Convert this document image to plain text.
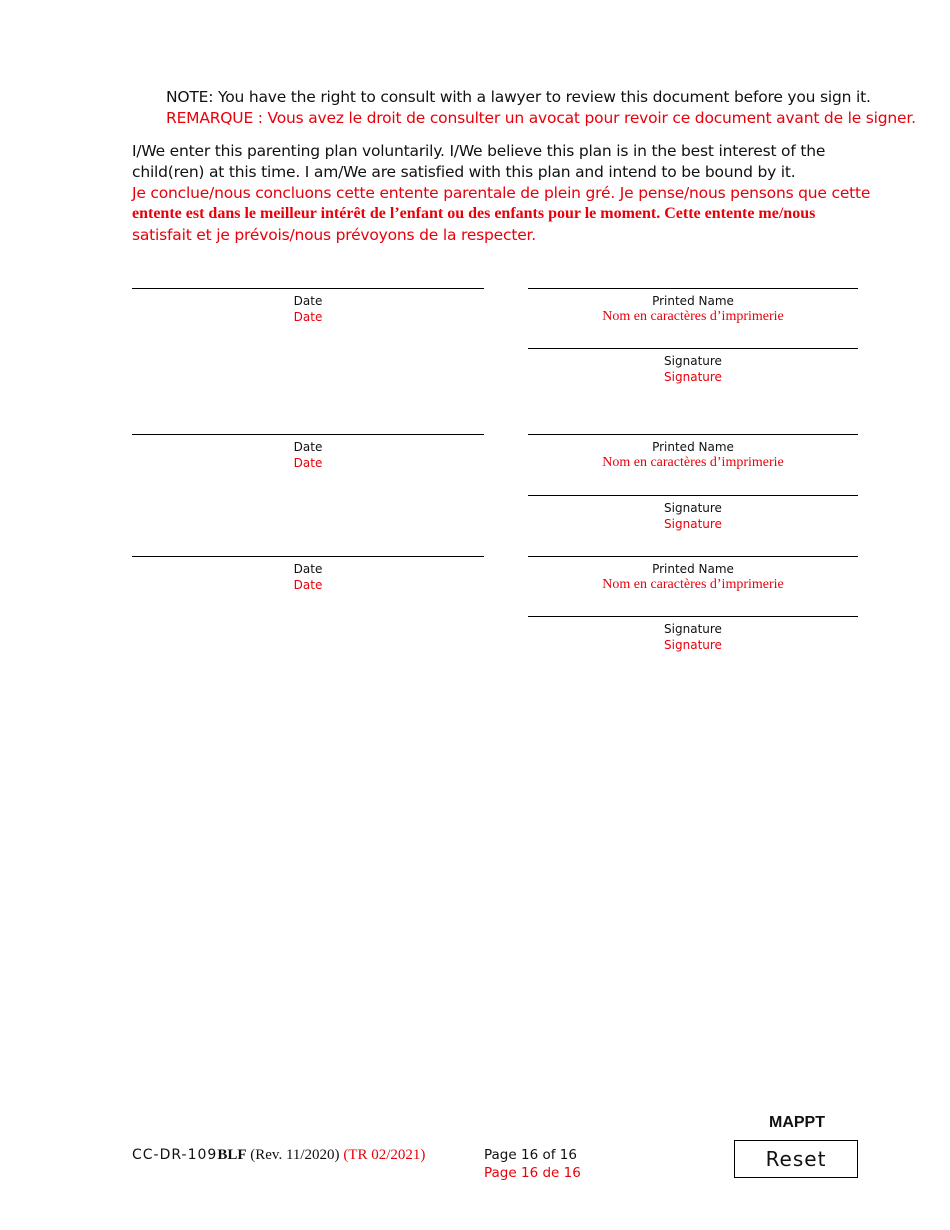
NOTE: You have the right to consult with a lawyer to review this document before you sign it.
REMARQUE : Vous avez le droit de consulter un avocat pour revoir ce document avant de le signer.
I/We enter this parenting plan voluntarily. I/We believe this plan is in the best interest of the
child(ren) at this time. I am/We are satisfied with this plan and intend to be bound by it.
Je conclue/nous concluons cette entente parentale de plein gré. Je pense/nous pensons que cette
entente est dans le meilleur intérêt de l’enfant ou des enfants pour le moment. Cette entente me/nous
satisfait et je prévois/nous prévoyons de la respecter.
Date
Date
Printed Name
Nom en caractères d’imprimerie
Signature
Signature
Date
Date
Printed Name
Nom en caractères d’imprimerie
Signature
Signature
Date
Date
Printed Name
Nom en caractères d’imprimerie
Signature
Signature
CC-DR-109BLF (Rev. 11/2020) (TR 02/2021)	Page 16 of 16
Page 16 de 16
MAPPT
Reset
